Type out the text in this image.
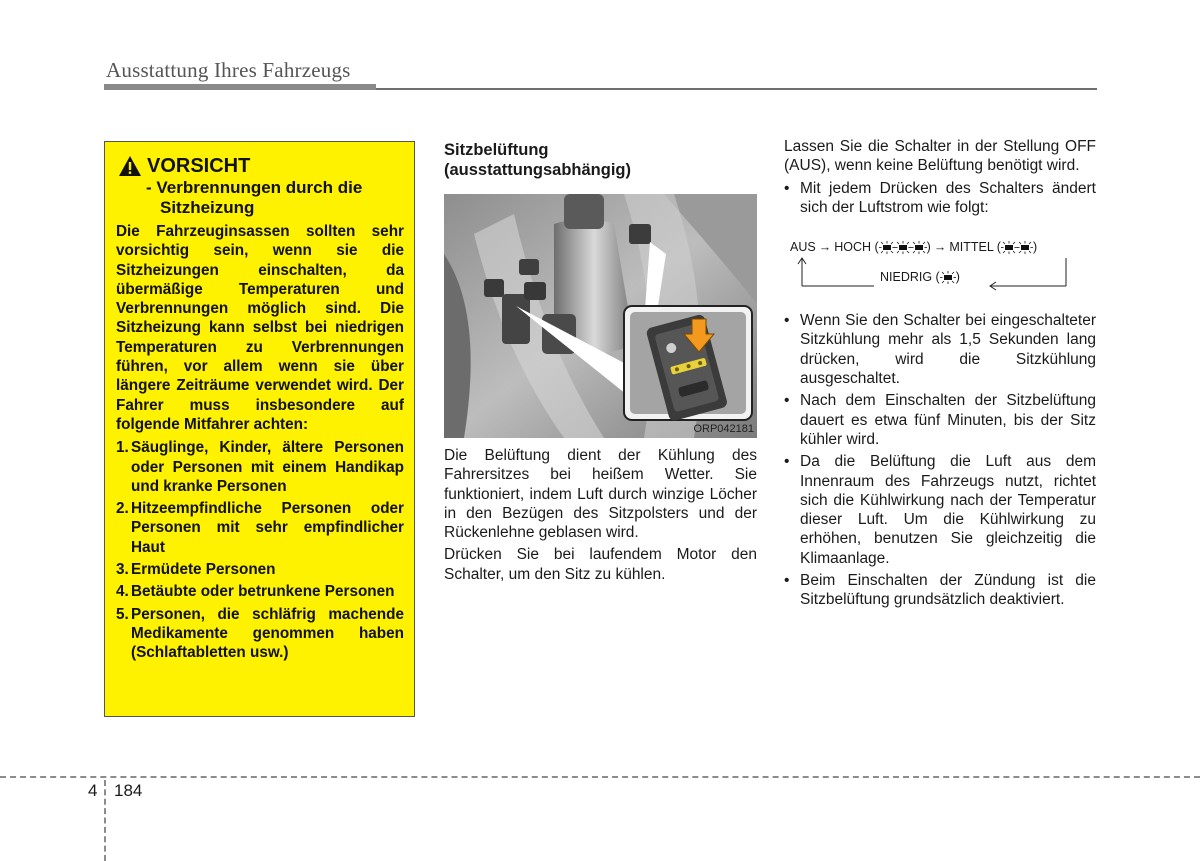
Ausstattung Ihres Fahrzeugs
VORSICHT
- Verbrennungen durch die
Sitzheizung
Die Fahrzeuginsassen sollten sehr vorsichtig sein, wenn sie die Sitzheizungen einschalten, da übermäßige Temperaturen und Verbrennungen möglich sind. Die Sitzheizung kann selbst bei niedrigen Temperaturen zu Verbrennungen führen, vor allem wenn sie über längere Zeiträume verwendet wird. Der Fahrer muss insbesondere auf folgende Mitfahrer achten:
1. Säuglinge, Kinder, ältere Personen oder Personen mit einem Handikap und kranke Personen
2. Hitzeempfindliche Personen oder Personen mit sehr empfindlicher Haut
3. Ermüdete Personen
4. Betäubte oder betrunkene Personen
5. Personen, die schläfrig machende Medikamente genommen haben (Schlaftabletten usw.)
Sitzbelüftung
(ausstattungsabhängig)
ORP042181
Die Belüftung dient der Kühlung des Fahrersitzes bei heißem Wetter. Sie funktioniert, indem Luft durch winzige Löcher in den Bezügen des Sitzpolsters und der Rückenlehne geblasen wird.
Drücken Sie bei laufendem Motor den Schalter, um den Sitz zu kühlen.
Lassen Sie die Schalter in der Stellung OFF (AUS), wenn keine Belüftung benötigt wird.
• Mit jedem Drücken des Schalters ändert sich der Luftstrom wie folgt:
AUS → HOCH (	) → MITTEL (	)
NIEDRIG ( )
• Wenn Sie den Schalter bei eingeschalteter Sitzkühlung mehr als 1,5 Sekunden lang drücken, wird die Sitzkühlung ausgeschaltet.
• Nach dem Einschalten der Sitzbelüftung dauert es etwa fünf Minuten, bis der Sitz kühler wird.
• Da die Belüftung die Luft aus dem Innenraum des Fahrzeugs nutzt, richtet sich die Kühlwirkung nach der Temperatur dieser Luft. Um die Kühlwirkung zu erhöhen, benutzen Sie gleichzeitig die Klimaanlage.
• Beim Einschalten der Zündung ist die Sitzbelüftung grundsätzlich deaktiviert.
4 184
